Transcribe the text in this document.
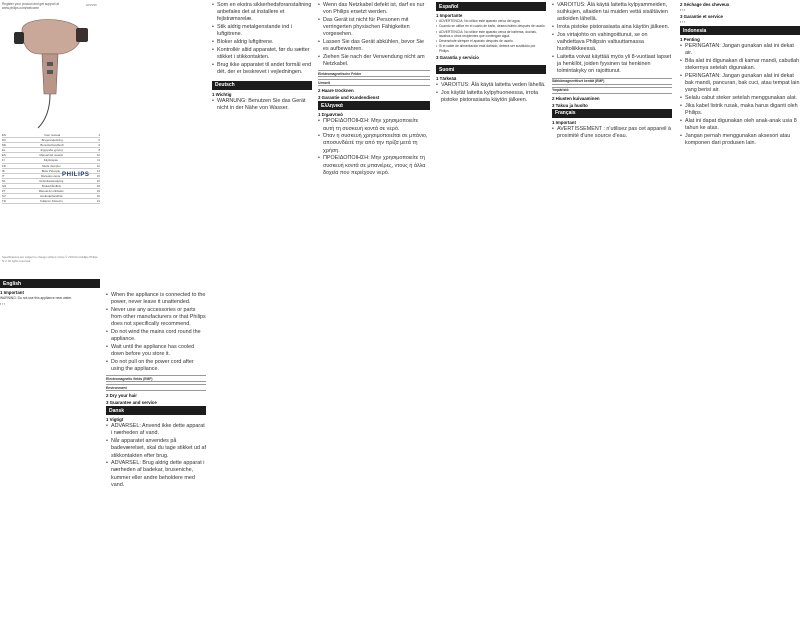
Register your product and get support at
www.philips.com/welcome
HP8235
EN	User manual	4
DA	Brugervejledning	5
DE	Benutzerhandbuch	6
EL	Εγχειρίδιο χρήσης	8
ES	Manual del usuario	10
FI	Käyttöopas	11
FR	Mode d'emploi	12
ID	Buku Petunjuk	14
IT	Manuale utente	15
NL	Gebruiksaanwijzing	16
NO	Brukerhåndbok	18
PT	Manual do utilizador	19
SV	Användarhandbok	20
TR	Kullanım Kılavuzu	21
PHILIPS
Specifications are subject to change without notice © 2013 Koninklijke Philips N.V. All rights reserved.
English
1 Important
WARNING: Do not use this appliance near water.
▪ ▪ ▪
• When the appliance is connected to the power, never leave it unattended.
• Never use any accessories or parts from other manufacturers or that Philips does not specifically recommend.
• Do not wind the mains cord round the appliance.
• Wait until the appliance has cooled down before you store it.
• Do not pull on the power cord after using the appliance.
Electromagnetic fields (EMF)
Environment
2 Dry your hair
3 Guarantee and service
Dansk
1 Vigtigt
• ADVARSEL: Anvend ikke dette apparat i nærheden af vand.
• Når apparatet anvendes på badeværelset, skal du tage stikket ud af stikkontakten efter brug.
• ADVARSEL: Brug aldrig dette apparat i nærheden af badekar, bruseniche, kummer eller andre beholdere med vand.
• Som en ekstra sikkerhedsforanstaltning anbefales det at installere et fejlstrømsrelæ.
• Stik aldrig metalgenstande ind i luftgitrene.
• Bloker aldrig luftgitrene.
• Kontrollér altid apparatet, før du sætter stikket i stikkontakten.
• Brug ikke apparatet til andet formål end dét, der er beskrevet i vejledningen.
Deutsch
1 Wichtig
• WARNUNG: Benutzen Sie das Gerät nicht in der Nähe von Wasser.
• Wenn das Netzkabel defekt ist, darf es nur von Philips ersetzt werden.
• Das Gerät ist nicht für Personen mit verringerten physischen Fähigkeiten vorgesehen.
• Lassen Sie das Gerät abkühlen, bevor Sie es aufbewahren.
• Ziehen Sie nach der Verwendung nicht am Netzkabel.
Elektromagnetische Felder
Umwelt
2 Haare trocknen
3 Garantie und Kundendienst
Ελληνικά
1 Σημαντικό
• ΠΡΟΕΙΔΟΠΟΙΗΣΗ: Μην χρησιμοποιείτε αυτή τη συσκευή κοντά σε νερό.
• Όταν η συσκευή χρησιμοποιείται σε μπάνιο, αποσυνδέετέ την από την πρίζα μετά τη χρήση.
• ΠΡΟΕΙΔΟΠΟΙΗΣΗ: Μην χρησιμοποιείτε τη συσκευή κοντά σε μπανιέρες, ντους ή άλλα δοχεία που περιέχουν νερό.
Español
1 Importante
• ADVERTENCIA: No utilice este aparato cerca del agua.
• Cuando se utilice en el cuarto de baño, desenchúfelo después de usarlo.
• ADVERTENCIA: No utilice este aparato cerca de bañeras, duchas, lavabos u otros recipientes que contengan agua.
• Desenchufe siempre el aparato después de usarlo.
• Si el cable de alimentación está dañado, deberá ser sustituido por Philips.
3 Garantía y servicio
Suomi
1 Tärkeää
• VAROITUS: Älä käytä laitetta veden lähellä.
• Jos käytät laitetta kylpyhuoneessa, irrota pistoke pistorasiasta käytön jälkeen.
• VAROITUS: Älä käytä laitetta kylpyammeiden, suihkujen, altaiden tai muiden vettä sisältävien astioiden lähellä.
• Irrota pistoke pistorasiasta aina käytön jälkeen.
• Jos virtajohto on vahingoittunut, se on vaihdettava Philipsin valtuuttamassa huoltoliikkeessä.
• Laitetta voivat käyttää myös yli 8-vuotiaat lapset ja henkilöt, joiden fyysinen tai henkinen toimintakyky on rajoittunut.
Sähkömagneettiset kentät (EMF)
Ympäristö
2 Hiusten kuivaaminen
3 Takuu ja huolto
Français
1 Important
• AVERTISSEMENT : n'utilisez pas cet appareil à proximité d'une source d'eau.
2 Séchage des cheveux
▪ ▪ ▪
3 Garantie et service
▪ ▪ ▪
Indonesia
1 Penting
• PERINGATAN: Jangan gunakan alat ini dekat air.
• Bila alat ini digunakan di kamar mandi, cabutlah stekernya setelah digunakan.
• PERINGATAN: Jangan gunakan alat ini dekat bak mandi, pancuran, bak cuci, atau tempat lain yang berisi air.
• Selalu cabut steker setelah menggunakan alat.
• Jika kabel listrik rusak, maka harus diganti oleh Philips.
• Alat ini dapat digunakan oleh anak-anak usia 8 tahun ke atas.
• Jangan pernah menggunakan aksesori atau komponen dari produsen lain.
